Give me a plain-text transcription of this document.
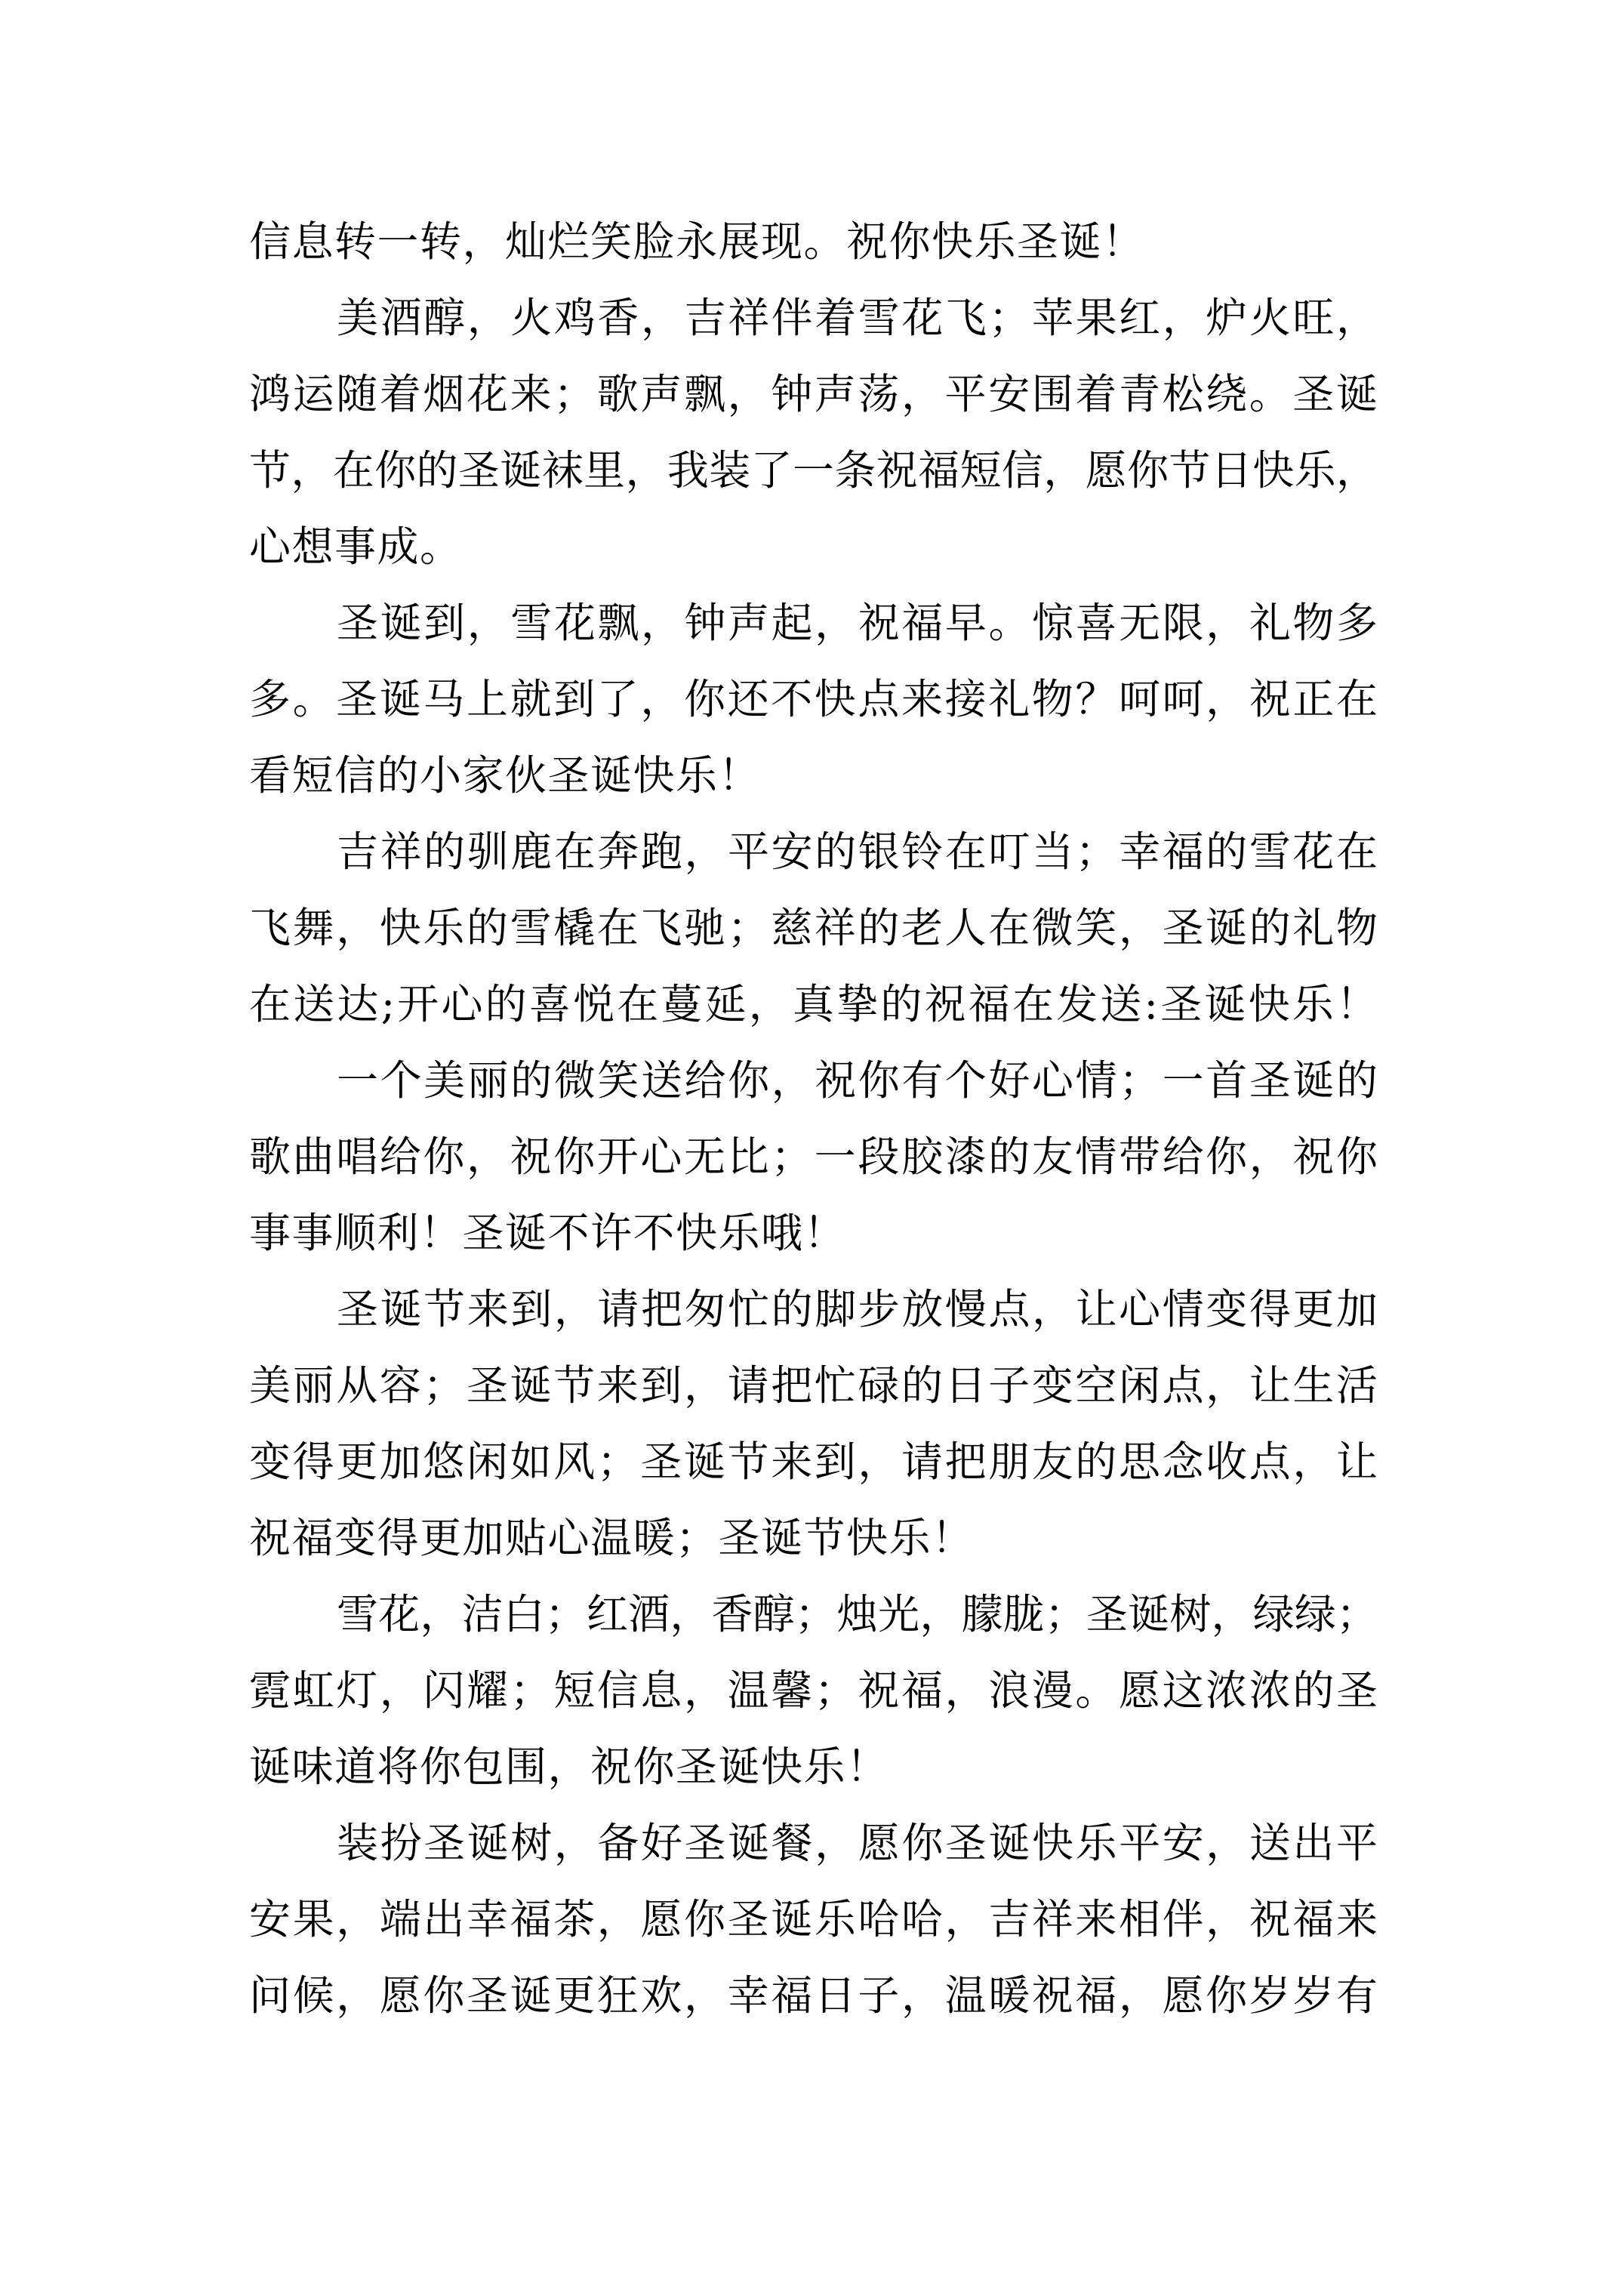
信息转一转，灿烂笑脸永展现。祝你快乐圣诞！
美酒醇，火鸡香，吉祥伴着雪花飞；苹果红，炉火旺，
鸿运随着烟花来；歌声飘，钟声荡，平安围着青松绕。圣诞
节，在你的圣诞袜里，我装了一条祝福短信，愿你节日快乐，
心想事成。
圣诞到，雪花飘，钟声起，祝福早。惊喜无限，礼物多
多。圣诞马上就到了，你还不快点来接礼物？呵呵，祝正在
看短信的小家伙圣诞快乐！
吉祥的驯鹿在奔跑，平安的银铃在叮当；幸福的雪花在
飞舞，快乐的雪橇在飞驰；慈祥的老人在微笑，圣诞的礼物
在送达;开心的喜悦在蔓延，真挚的祝福在发送:圣诞快乐！
一个美丽的微笑送给你，祝你有个好心情；一首圣诞的
歌曲唱给你，祝你开心无比；一段胶漆的友情带给你，祝你
事事顺利！圣诞不许不快乐哦！
圣诞节来到，请把匆忙的脚步放慢点，让心情变得更加
美丽从容；圣诞节来到，请把忙碌的日子变空闲点，让生活
变得更加悠闲如风；圣诞节来到，请把朋友的思念收点，让
祝福变得更加贴心温暖；圣诞节快乐！
雪花，洁白；红酒，香醇；烛光，朦胧；圣诞树，绿绿；
霓虹灯，闪耀；短信息，温馨；祝福，浪漫。愿这浓浓的圣
诞味道将你包围，祝你圣诞快乐！
装扮圣诞树，备好圣诞餐，愿你圣诞快乐平安，送出平
安果，端出幸福茶，愿你圣诞乐哈哈，吉祥来相伴，祝福来
问候，愿你圣诞更狂欢，幸福日子，温暖祝福，愿你岁岁有
